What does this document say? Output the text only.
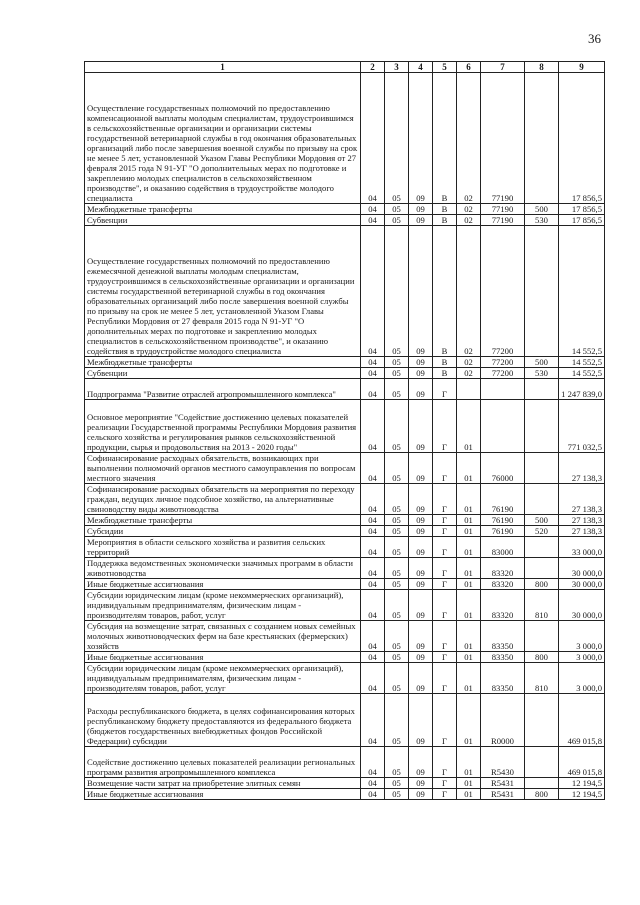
36
1	2	3	4	5	6	7	8	9
Осуществление государственных полномочий по предоставлению компенсационной выплаты молодым специалистам, трудоустроившимся в сельскохозяйственные организации и организации системы государственной ветеринарной службы в год окончания образовательных организаций либо после завершения военной службы по призыву на срок не менее 5 лет, установленной Указом Главы Республики Мордовия от 27 февраля 2015 года N 91-УГ "О дополнительных мерах по подготовке и закреплению молодых специалистов в сельскохозяйственном производстве", и оказанию содействия в трудоустройстве молодого специалиста	04	05	09	В	02	77190		17 856,5
Межбюджетные трансферты	04	05	09	В	02	77190	500	17 856,5
Субвенции	04	05	09	В	02	77190	530	17 856,5
Осуществление государственных полномочий по предоставлению ежемесячной денежной выплаты молодым специалистам, трудоустроившимся в сельскохозяйственные организации и организации системы государственной ветеринарной службы в год окончания образовательных организаций либо после завершения военной службы по призыву на срок не менее 5 лет, установленной Указом Главы Республики Мордовия от 27 февраля 2015 года N 91-УГ "О дополнительных мерах по подготовке и закреплению молодых специалистов в сельскохозяйственном производстве", и оказанию содействия в трудоустройстве молодого специалиста	04	05	09	В	02	77200		14 552,5
Межбюджетные трансферты	04	05	09	В	02	77200	500	14 552,5
Субвенции	04	05	09	В	02	77200	530	14 552,5
Подпрограмма "Развитие отраслей агропромышленного комплекса"	04	05	09	Г				1 247 839,0
Основное мероприятие "Содействие достижению целевых показателей реализации Государственной программы Республики Мордовия развития сельского хозяйства и регулирования рынков сельскохозяйственной продукции, сырья и продовольствия на 2013 - 2020 годы"	04	05	09	Г	01			771 032,5
Софинансирование расходных обязательств, возникающих при выполнении полномочий органов местного самоуправления по вопросам местного значения	04	05	09	Г	01	76000		27 138,3
Софинансирование расходных обязательств на мероприятия по переходу граждан, ведущих личное подсобное хозяйство, на альтернативные свиноводству виды животноводства	04	05	09	Г	01	76190		27 138,3
Межбюджетные трансферты	04	05	09	Г	01	76190	500	27 138,3
Субсидии	04	05	09	Г	01	76190	520	27 138,3
Мероприятия в области сельского хозяйства и развития сельских территорий	04	05	09	Г	01	83000		33 000,0
Поддержка ведомственных экономически значимых программ в области животноводства	04	05	09	Г	01	83320		30 000,0
Иные бюджетные ассигнования	04	05	09	Г	01	83320	800	30 000,0
Субсидии юридическим лицам (кроме некоммерческих организаций), индивидуальным предпринимателям, физическим лицам - производителям товаров, работ, услуг	04	05	09	Г	01	83320	810	30 000,0
Субсидия на возмещение затрат, связанных с созданием новых семейных молочных животноводческих ферм на базе крестьянских (фермерских) хозяйств	04	05	09	Г	01	83350		3 000,0
Иные бюджетные ассигнования	04	05	09	Г	01	83350	800	3 000,0
Субсидии юридическим лицам (кроме некоммерческих организаций), индивидуальным предпринимателям, физическим лицам - производителям товаров, работ, услуг	04	05	09	Г	01	83350	810	3 000,0
Расходы республиканского бюджета, в целях софинансирования которых республиканскому бюджету предоставляются из федерального бюджета (бюджетов государственных внебюджетных фондов Российской Федерации) субсидии	04	05	09	Г	01	R0000		469 015,8
Содействие достижению целевых показателей реализации региональных программ развития агропромышленного комплекса	04	05	09	Г	01	R5430		469 015,8
Возмещение части затрат на приобретение элитных семян	04	05	09	Г	01	R5431		12 194,5
Иные бюджетные ассигнования	04	05	09	Г	01	R5431	800	12 194,5
